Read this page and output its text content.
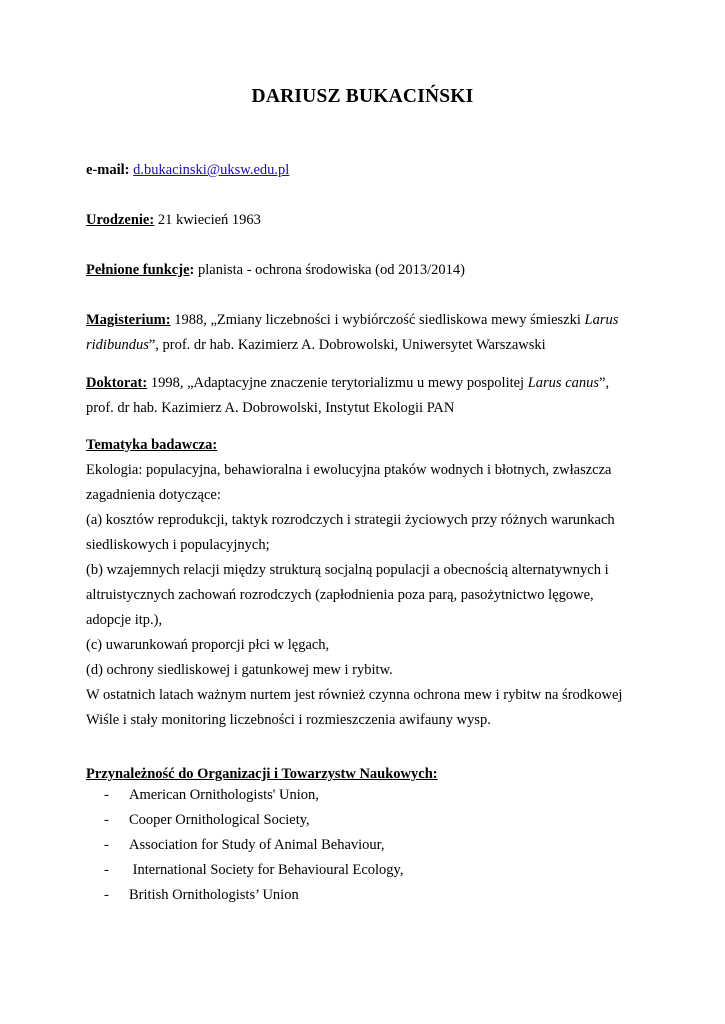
DARIUSZ BUKACIŃSKI
e-mail: d.bukacinski@uksw.edu.pl
Urodzenie: 21 kwiecień 1963
Pełnione funkcje: planista - ochrona środowiska (od 2013/2014)
Magisterium: 1988, „Zmiany liczebności i wybiórczość siedliskowa mewy śmieszki Larus
ridibundus”, prof. dr hab. Kazimierz A. Dobrowolski, Uniwersytet Warszawski
Doktorat: 1998, „Adaptacyjne znaczenie terytorializmu u mewy pospolitej Larus canus”,
prof. dr hab. Kazimierz A. Dobrowolski, Instytut Ekologii PAN
Tematyka badawcza:
Ekologia: populacyjna, behawioralna i ewolucyjna ptaków wodnych i błotnych, zwłaszcza
zagadnienia dotyczące:
(a) kosztów reprodukcji, taktyk rozrodczych i strategii życiowych przy różnych warunkach
siedliskowych i populacyjnych;
(b) wzajemnych relacji między strukturą socjalną populacji a obecnością alternatywnych i
altruistycznych zachowań rozrodczych (zapłodnienia poza parą, pasożytnictwo lęgowe,
adopcje itp.),
(c) uwarunkowań proporcji płci w lęgach,
(d) ochrony siedliskowej i gatunkowej mew i rybitw.
W ostatnich latach ważnym nurtem jest również czynna ochrona mew i rybitw na środkowej
Wiśle i stały monitoring liczebności i rozmieszczenia awifauny wysp.
Przynależność do Organizacji i Towarzystw Naukowych:
-	American Ornithologists' Union,
-	Cooper Ornithological Society,
-	Association for Study of Animal Behaviour,
-	International Society for Behavioural Ecology,
-	British Ornithologists’ Union
